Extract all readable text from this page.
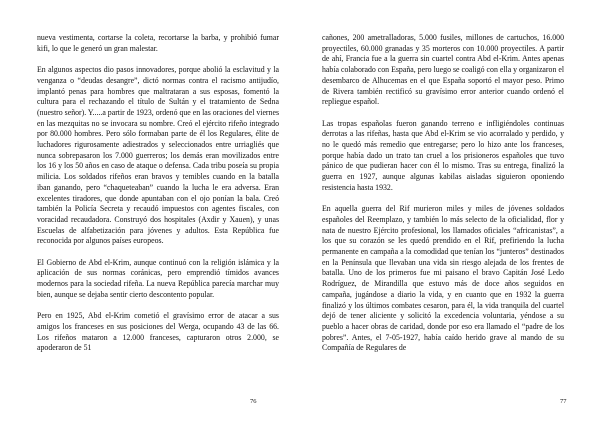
nueva vestimenta, cortarse la coleta, recortarse la barba, y prohibió fumar kifi, lo que le generó un gran malestar.

En algunos aspectos dio pasos innovadores, porque abolió la esclavitud y la venganza o “deudas desangre”, dictó normas contra el racismo antijudío, implantó penas para hombres que maltrataran a sus esposas, fomentó la cultura para el rechazando el título de Sultán y el tratamiento de Sedna (nuestro señor). Y.....a partir de 1923, ordenó que en las oraciones del viernes en las mezquitas no se invocara su nombre. Creó el ejército rifeño integrado por 80.000 hombres. Pero sólo formaban parte de él los Regulares, élite de luchadores rigurosamente adiestrados y seleccionados entre urriagliés que nunca sobrepasaron los 7.000 guerreros; los demás eran movilizados entre los 16 y los 50 años en caso de ataque o defensa. Cada tribu poseía su propia milicia. Los soldados rifeños eran bravos y temibles cuando en la batalla iban ganando, pero “chaqueteaban” cuando la lucha le era adversa. Eran excelentes tiradores, que donde apuntaban con el ojo ponían la bala. Creó también la Policía Secreta y recaudó impuestos con agentes fiscales, con voracidad recaudadora. Construyó dos hospitales (Axdir y Xauen), y unas Escuelas de alfabetización para jóvenes y adultos. Esta República fue reconocida por algunos países europeos.

El Gobierno de Abd el-Krim, aunque continuó con la religión islámica y la aplicación de sus normas coránicas, pero emprendió tímidos avances modernos para la sociedad rifeña. La nueva República parecía marchar muy bien, aunque se dejaba sentir cierto descontento popular.

Pero en 1925, Abd el-Krim cometió el gravísimo error de atacar a sus amigos los franceses en sus posiciones del Werga, ocupando 43 de las 66. Los rifeños mataron a 12.000 franceses, capturaron otros 2.000, se apoderaron de 51

76

cañones, 200 ametralladoras, 5.000 fusiles, millones de cartuchos, 16.000 proyectiles, 60.000 granadas y 35 morteros con 10.000 proyectiles. A partir de ahí, Francia fue a la guerra sin cuartel contra Abd el-Krim. Antes apenas había colaborado con España, pero luego se coaligó con ella y organizaron el desembarco de Alhucemas en el que España soportó el mayor peso. Primo de Rivera también rectificó su gravísimo error anterior cuando ordenó el repliegue español.

Las tropas españolas fueron ganando terreno e infligiéndoles continuas derrotas a las rifeñas, hasta que Abd el-Krim se vio acorralado y perdido, y no le quedó más remedio que entregarse; pero lo hizo ante los franceses, porque había dado un trato tan cruel a los prisioneros españoles que tuvo pánico de que pudieran hacer con él lo mismo. Tras su entrega, finalizó la guerra en 1927, aunque algunas kabilas aisladas siguieron oponiendo resistencia hasta 1932.

En aquella guerra del Rif murieron miles y miles de jóvenes soldados españoles del Reemplazo, y también lo más selecto de la oficialidad, flor y nata de nuestro Ejército profesional, los llamados oficiales “africanistas”, a los que su corazón se les quedó prendido en el Rif, prefiriendo la lucha permanente en campaña a la comodidad que tenían los “junteros” destinados en la Península que llevaban una vida sin riesgo alejada de los frentes de batalla. Uno de los primeros fue mi paisano el bravo Capitán José Ledo Rodríguez, de Mirandilla que estuvo más de doce años seguidos en campaña, jugándose a diario la vida, y en cuanto que en 1932 la guerra finalizó y los últimos combates cesaron, para él, la vida tranquila del cuartel dejó de tener aliciente y solicitó la excedencia voluntaria, yéndose a su pueblo a hacer obras de caridad, donde por eso era llamado el “padre de los pobres”. Antes, el 7-05-1927, había caído herido grave al mando de su Compañía de Regulares de

77
